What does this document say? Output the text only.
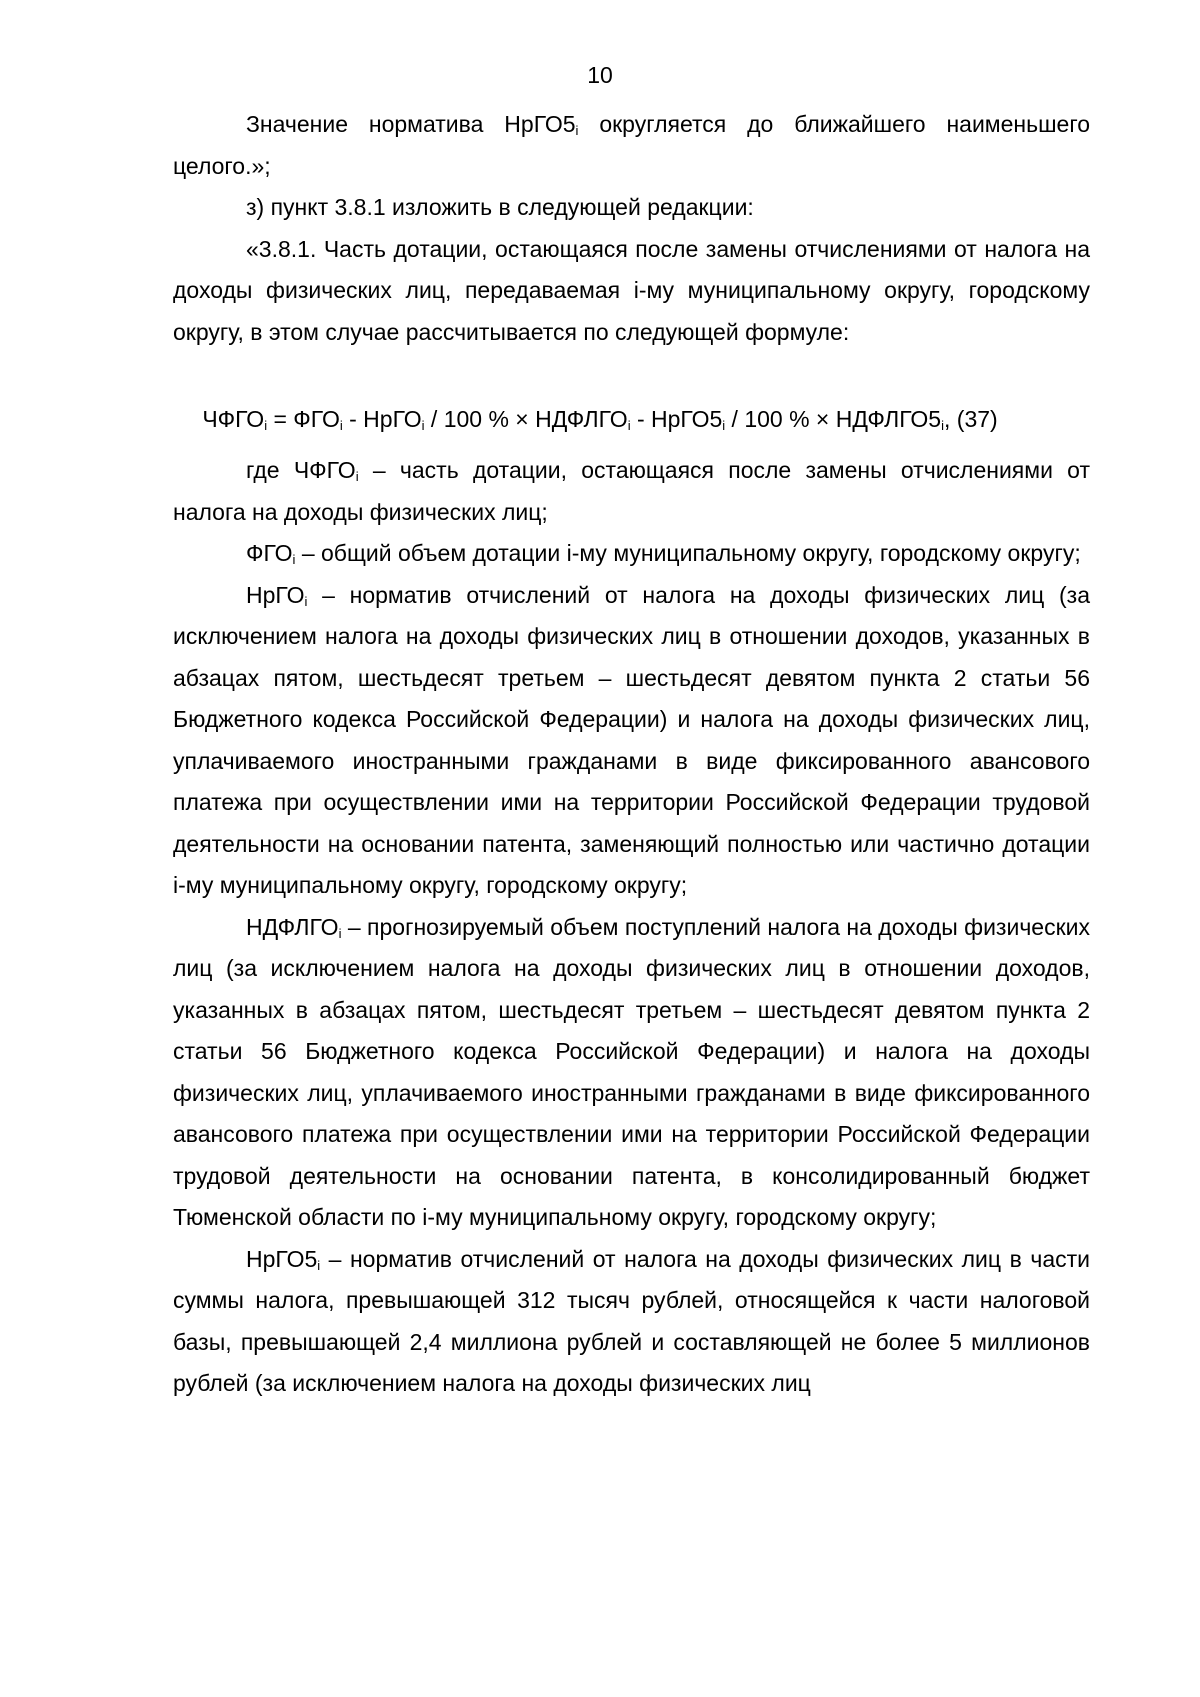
10

Значение норматива $НрГО5_i$ округляется до ближайшего наименьшего целого.»;

з) пункт 3.8.1 изложить в следующей редакции:

«3.8.1. Часть дотации, остающаяся после замены отчислениями от налога на доходы физических лиц, передаваемая i-му муниципальному округу, городскому округу, в этом случае рассчитывается по следующей формуле:

$ЧФГО_i = ФГО_i$ - НрГО$_i$ / 100 % × $НДФЛГО_i$ - $НрГО5_i / 100$ % × $НДФЛГО5_i$, (37)

где $ЧФГО_i$ – часть дотации, остающаяся после замены отчислениями от налога на доходы физических лиц;

$ФГО_i$ – общий объем дотации i-му муниципальному округу, городскому округу;

НрГО$_i$ – норматив отчислений от налога на доходы физических лиц (за исключением налога на доходы физических лиц в отношении доходов, указанных в абзацах пятом, шестьдесят третьем – шестьдесят девятом пункта 2 статьи 56 Бюджетного кодекса Российской Федерации) и налога на доходы физических лиц, уплачиваемого иностранными гражданами в виде фиксированного авансового платежа при осуществлении ими на территории Российской Федерации трудовой деятельности на основании патента, заменяющий полностью или частично дотации i-му муниципальному округу, городскому округу;

$НДФЛГО_i$ – прогнозируемый объем поступлений налога на доходы физических лиц (за исключением налога на доходы физических лиц в отношении доходов, указанных в абзацах пятом, шестьдесят третьем – шестьдесят девятом пункта 2 статьи 56 Бюджетного кодекса Российской Федерации) и налога на доходы физических лиц, уплачиваемого иностранными гражданами в виде фиксированного авансового платежа при осуществлении ими на территории Российской Федерации трудовой деятельности на основании патента, в консолидированный бюджет Тюменской области по i-му муниципальному округу, городскому округу;

$НрГО5_i$ – норматив отчислений от налога на доходы физических лиц в части суммы налога, превышающей 312 тысяч рублей, относящейся к части налоговой базы, превышающей 2,4 миллиона рублей и составляющей не более 5 миллионов рублей (за исключением налога на доходы физических лиц
